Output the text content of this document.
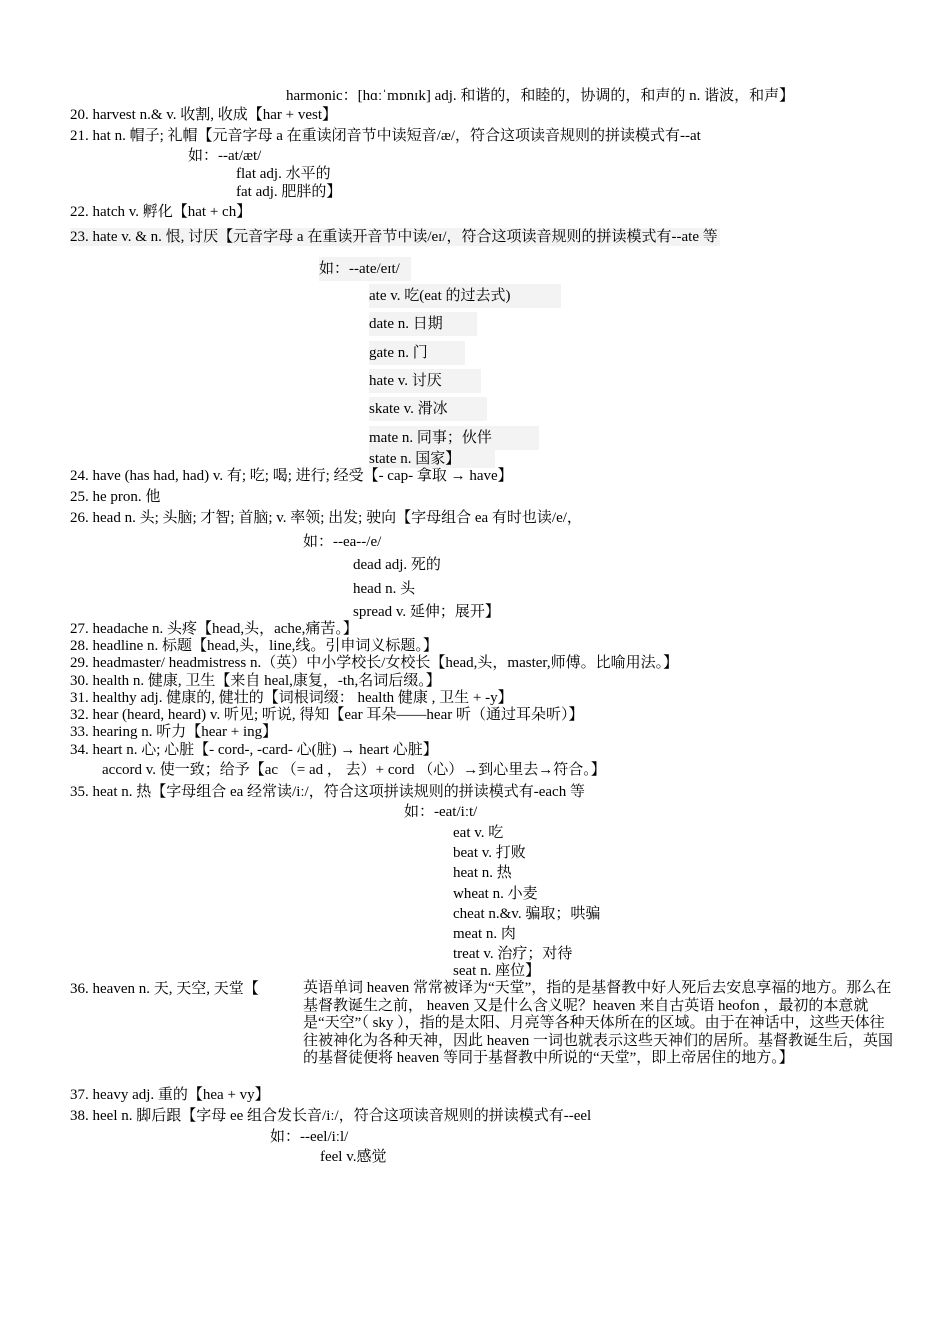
harmonic：[hɑːˈmɒnɪk] adj. 和谐的，和睦的，协调的，和声的 n. 谐波，和声】
20. harvest n.& v. 收割, 收成【har + vest】
21. hat n. 帽子; 礼帽【元音字母 a 在重读闭音节中读短音/æ/，符合这项读音规则的拼读模式有--at
如：--at/æt/
flat adj. 水平的
fat adj. 肥胖的】
22. hatch v. 孵化【hat + ch】
23. hate v. & n. 恨, 讨厌【元音字母 a 在重读开音节中读/eɪ/，符合这项读音规则的拼读模式有--ate 等
如：--ate/eɪt/
ate v. 吃(eat 的过去式)
date n. 日期
gate n. 门
hate v. 讨厌
skate v. 滑冰
mate n. 同事；伙伴
state n. 国家】
24. have (has had, had) v. 有; 吃; 喝; 进行; 经受【- cap- 拿取 → have】
25. he pron. 他
26. head n. 头; 头脑; 才智; 首脑; v. 率领; 出发; 驶向【字母组合 ea 有时也读/e/，
如：--ea--/e/
dead adj. 死的
head n. 头
spread v. 延伸；展开】
27. headache n. 头疼【head,头，ache,痛苦。】
28. headline n. 标题【head,头，line,线。引申词义标题。】
29. headmaster/ headmistress n.（英）中小学校长/女校长【head,头，master,师傅。比喻用法。】
30. health n. 健康, 卫生【来自 heal,康复，-th,名词后缀。】
31. healthy adj. 健康的, 健壮的【词根词缀： health 健康 , 卫生 + -y】
32. hear (heard, heard) v. 听见; 听说, 得知【ear 耳朵——hear 听（通过耳朵听）】
33. hearing n. 听力【hear + ing】
34. heart n. 心; 心脏【- cord-, -card- 心(脏) → heart 心脏】
accord v. 使一致；给予【ac （= ad ， 去）+ cord （心）→到心里去→符合。】
35. heat n. 热【字母组合 ea 经常读/iː/，符合这项拼读规则的拼读模式有-each 等
如：-eat/iːt/
eat v. 吃
beat v. 打败
heat n. 热
wheat n. 小麦
cheat n.&v. 骗取；哄骗
meat n. 肉
treat v. 治疗；对待
seat n. 座位】
36. heaven n. 天, 天空, 天堂【	英语单词 heaven 常常被译为“天堂”，指的是基督教中好人死后去安息享福的地方。那么在基督教诞生之前， heaven 又是什么含义呢？heaven 来自古英语 heofon ，最初的本意就是“天空”（ sky ），指的是太阳、月亮等各种天体所在的区域。由于在神话中，这些天体往往被神化为各种天神，因此 heaven 一词也就表示这些天神们的居所。基督教诞生后，英国的基督徒便将 heaven 等同于基督教中所说的“天堂”，即上帝居住的地方。】
37. heavy adj. 重的【hea + vy】
38. heel n. 脚后跟【字母 ee 组合发长音/iː/，符合这项读音规则的拼读模式有--eel
如：--eel/iːl/
feel v.感觉
